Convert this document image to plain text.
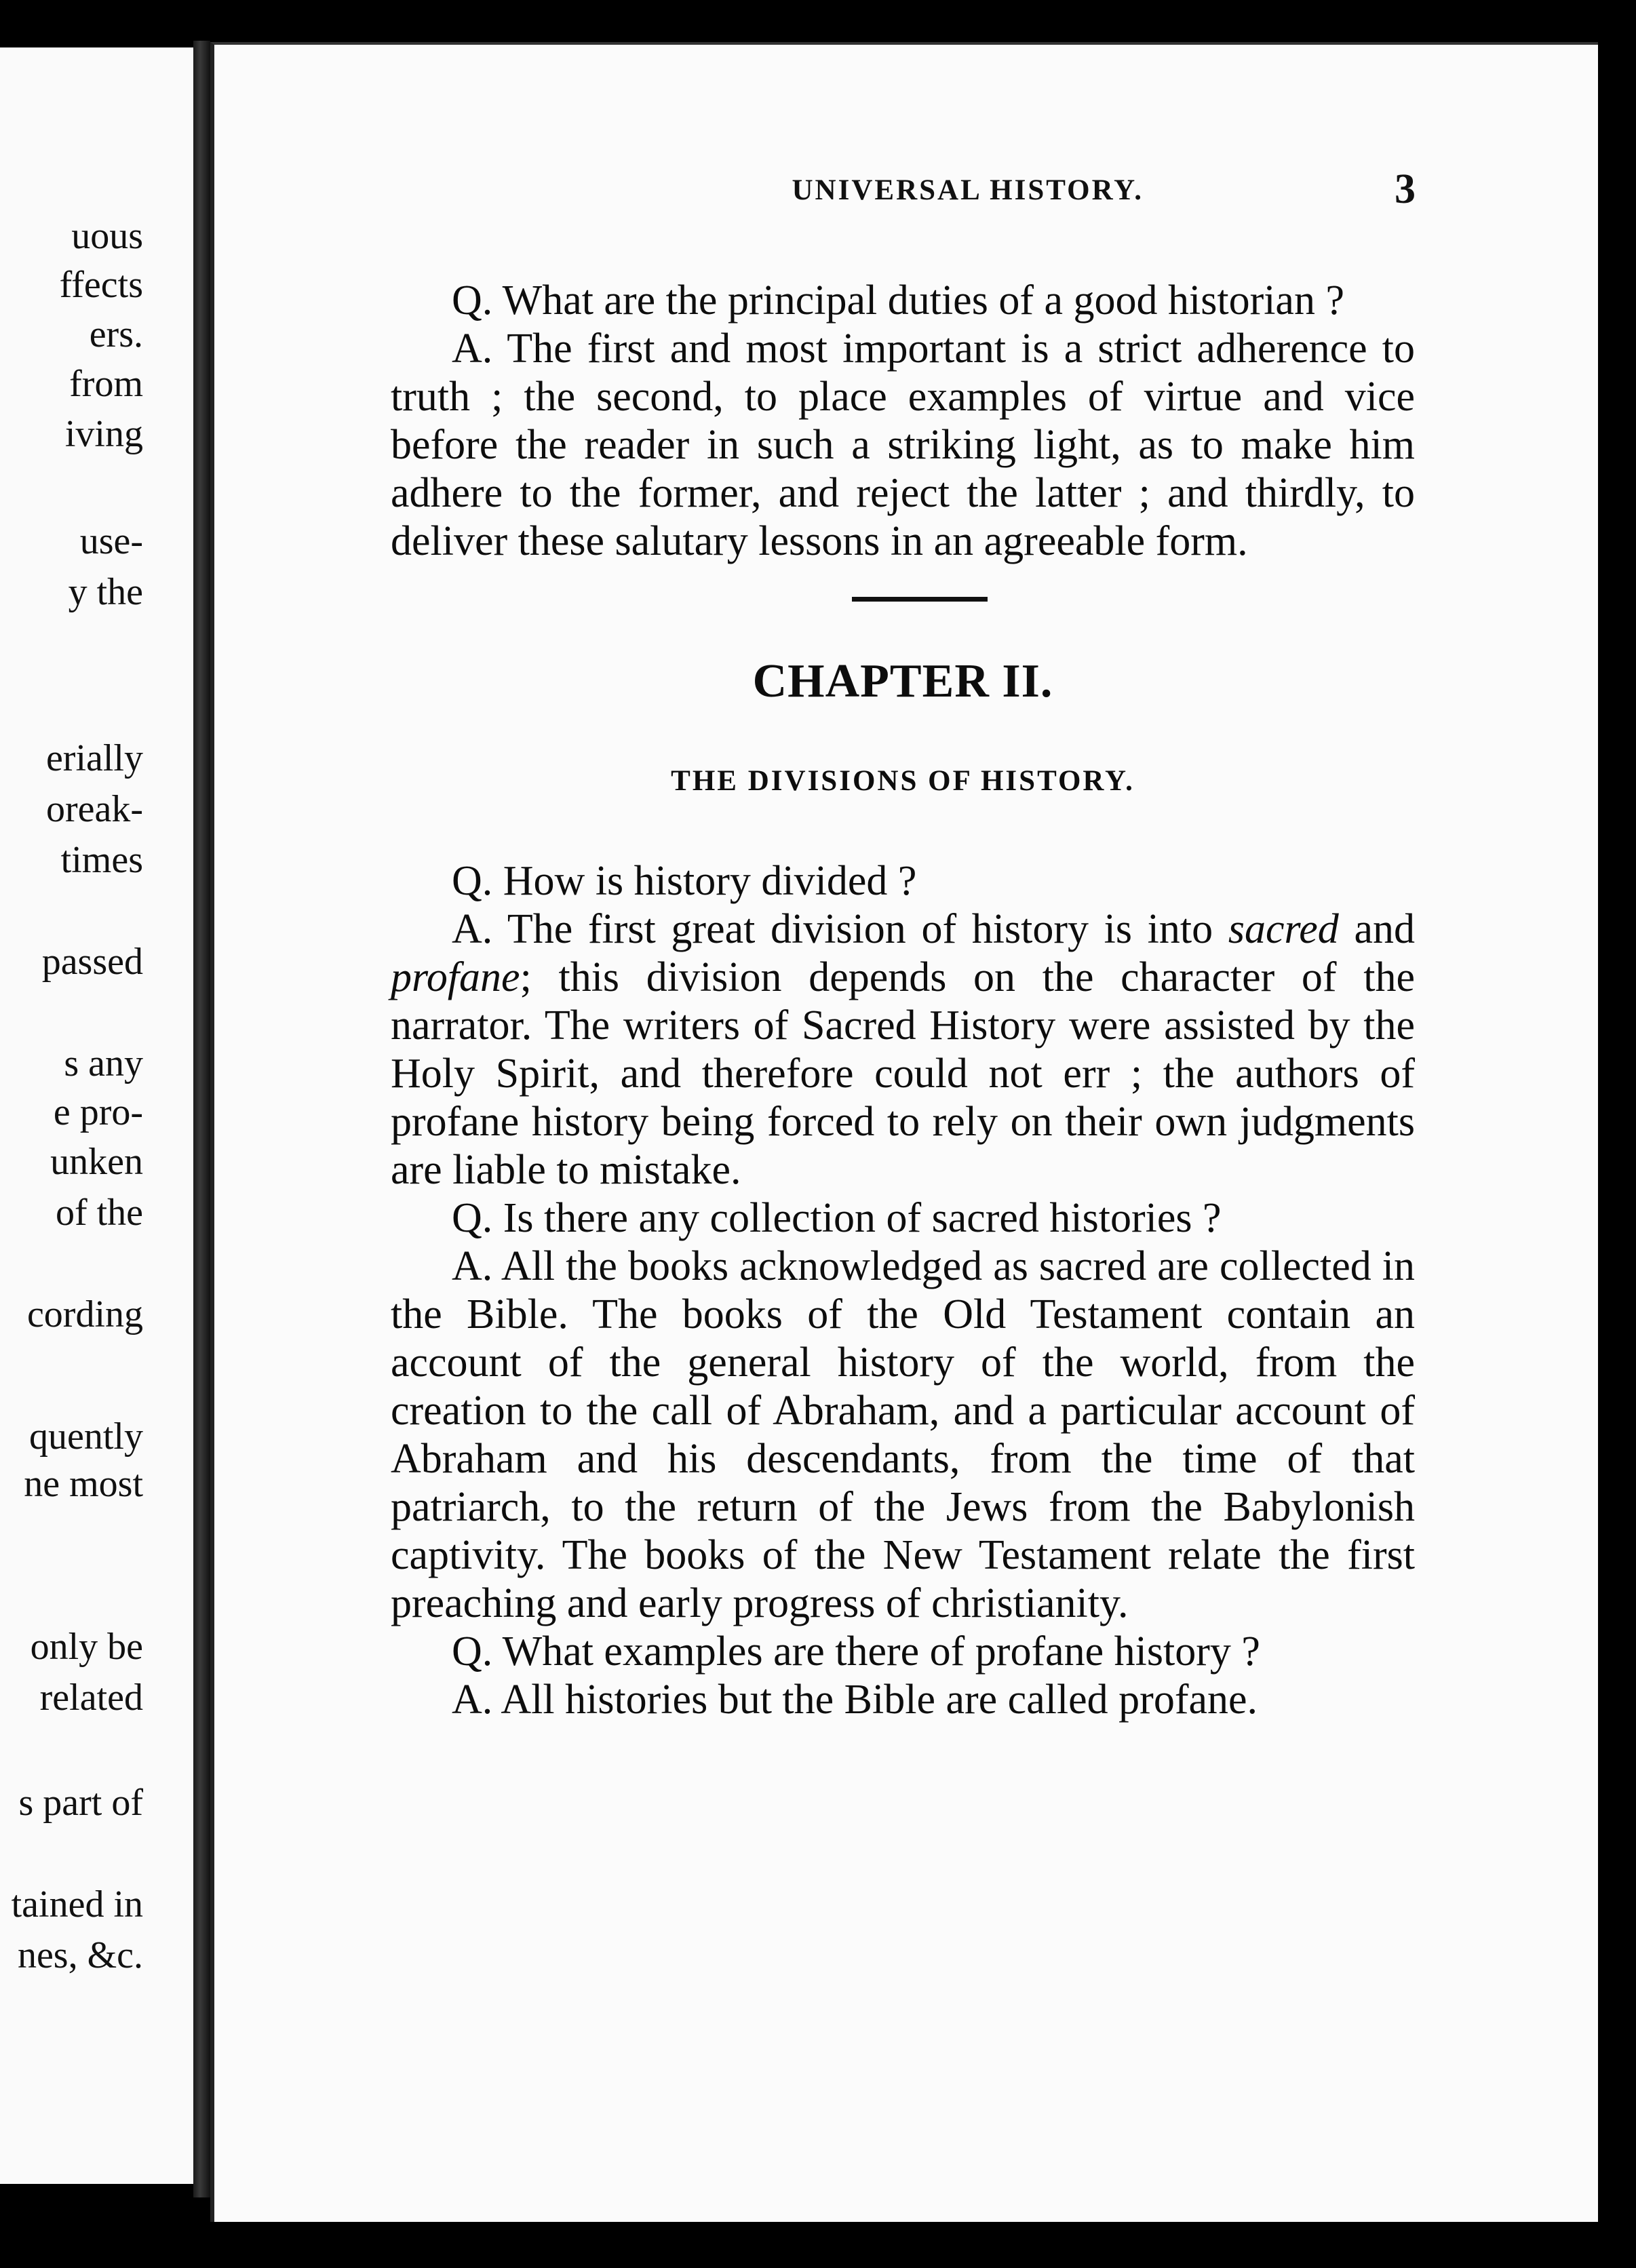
uous
ffects
ers.
from
iving
use-
y the
erially
oreak-
times
passed
s any
e pro-
unken
of the
cording
quently
ne most
only be
related
s part of
tained in
nes, &c.
UNIVERSAL HISTORY.	3

Q. What are the principal duties of a good historian ?

A. The first and most important is a strict adherence to truth ; the second, to place examples of virtue and vice before the reader in such a striking light, as to make him adhere to the former, and reject the latter ; and thirdly, to deliver these salutary lessons in an agreeable form.

CHAPTER II.
THE DIVISIONS OF HISTORY.

Q. How is history divided ?

A. The first great division of history is into sacred and profane; this division depends on the character of the narrator. The writers of Sacred History were assisted by the Holy Spirit, and therefore could not err ; the authors of profane history being forced to rely on their own judgments are liable to mistake.

Q. Is there any collection of sacred histories ?

A. All the books acknowledged as sacred are collected in the Bible. The books of the Old Testament contain an account of the general history of the world, from the creation to the call of Abraham, and a particular account of Abraham and his descendants, from the time of that patriarch, to the return of the Jews from the Babylonish captivity. The books of the New Testament relate the first preaching and early progress of christianity.

Q. What examples are there of profane history ?

A. All histories but the Bible are called profane.
